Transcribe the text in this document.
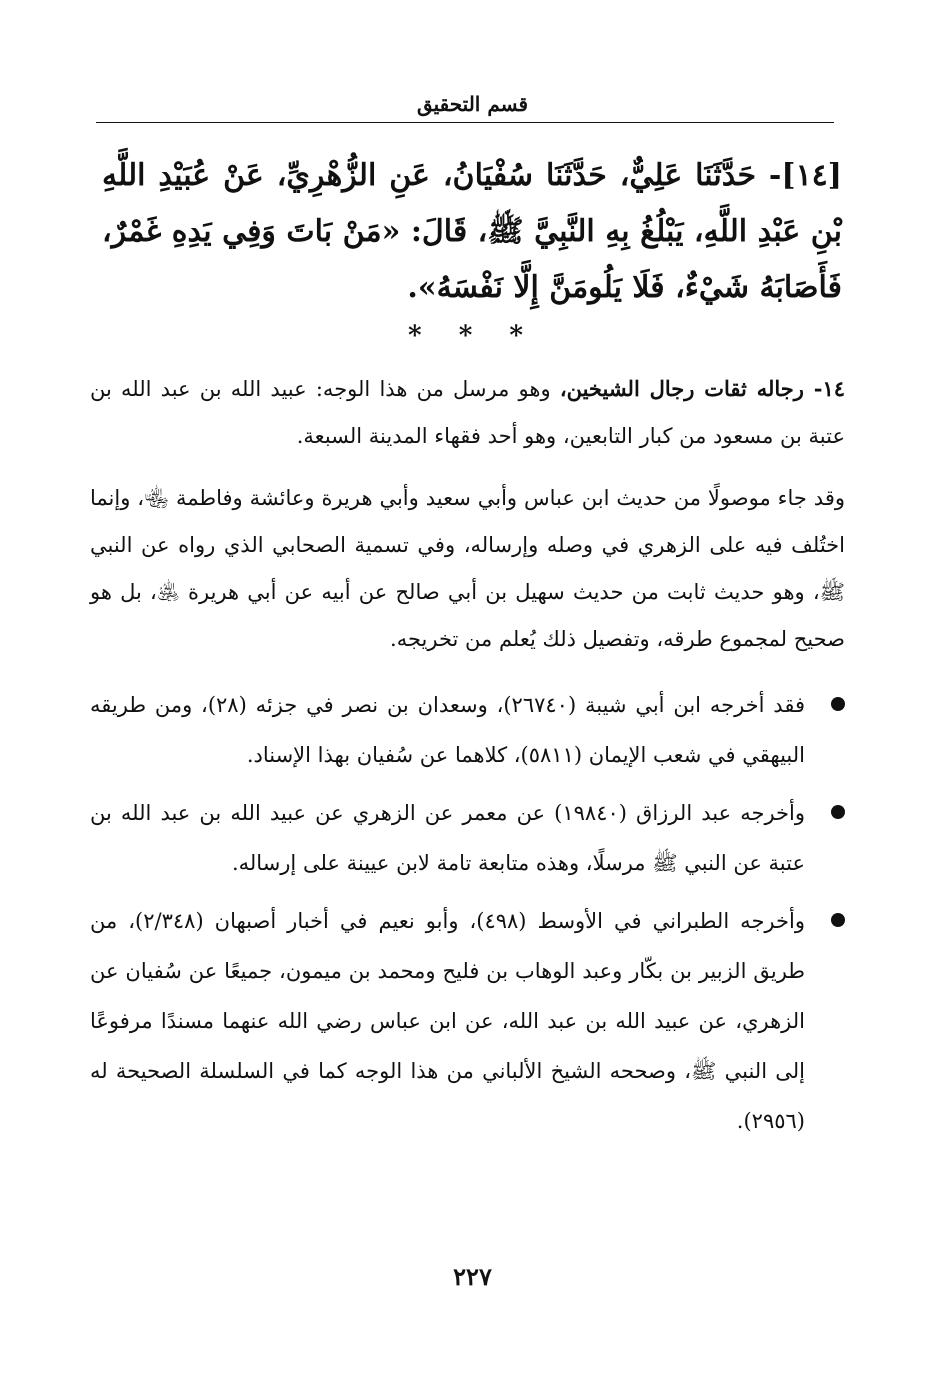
قسم التحقيق
[١٤]- حَدَّثَنَا عَلِيٌّ، حَدَّثَنَا سُفْيَانُ، عَنِ الزُّهْرِيِّ، عَنْ عُبَيْدِ اللَّهِ بْنِ عَبْدِ اللَّهِ، يَبْلُغُ بِهِ النَّبِيَّ ﷺ، قَالَ: «مَنْ بَاتَ وَفِي يَدِهِ غَمْرٌ، فَأَصَابَهُ شَيْءٌ، فَلَا يَلُومَنَّ إِلَّا نَفْسَهُ».
* * *
١٤- رجاله ثقات رجال الشيخين، وهو مرسل من هذا الوجه: عبيد الله بن عبد الله بن عتبة بن مسعود من كبار التابعين، وهو أحد فقهاء المدينة السبعة.
وقد جاء موصولًا من حديث ابن عباس وأبي سعيد وأبي هريرة وعائشة وفاطمة ﵄، وإنما اختُلف فيه على الزهري في وصله وإرساله، وفي تسمية الصحابي الذي رواه عن النبي ﷺ، وهو حديث ثابت من حديث سهيل بن أبي صالح عن أبيه عن أبي هريرة ﵁، بل هو صحيح لمجموع طرقه، وتفصيل ذلك يُعلم من تخريجه.
فقد أخرجه ابن أبي شيبة (٢٦٧٤٠)، وسعدان بن نصر في جزئه (٢٨)، ومن طريقه البيهقي في شعب الإيمان (٥٨١١)، كلاهما عن سُفيان بهذا الإسناد.
وأخرجه عبد الرزاق (١٩٨٤٠) عن معمر عن الزهري عن عبيد الله بن عبد الله بن عتبة عن النبي ﷺ مرسلًا، وهذه متابعة تامة لابن عيينة على إرساله.
وأخرجه الطبراني في الأوسط (٤٩٨)، وأبو نعيم في أخبار أصبهان (٢/٣٤٨)، من طريق الزبير بن بكّار وعبد الوهاب بن فليح ومحمد بن ميمون، جميعًا عن سُفيان عن الزهري، عن عبيد الله بن عبد الله، عن ابن عباس رضي الله عنهما مسندًا مرفوعًا إلى النبي ﷺ، وصححه الشيخ الألباني من هذا الوجه كما في السلسلة الصحيحة له (٢٩٥٦).
٢٢٧
